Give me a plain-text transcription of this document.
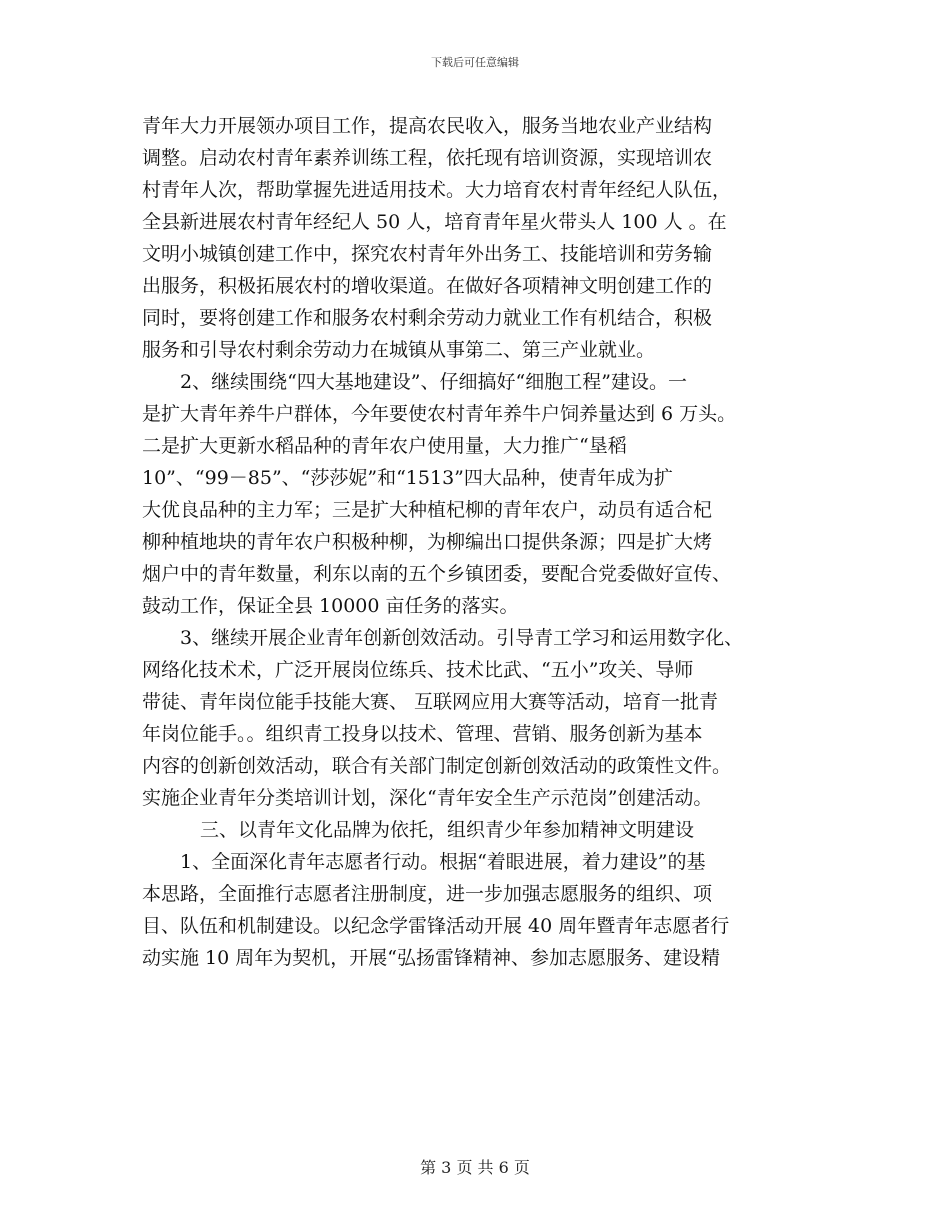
下载后可任意编辑
青年大力开展领办项目工作，提高农民收入，服务当地农业产业结构
调整。启动农村青年素养训练工程，依托现有培训资源，实现培训农
村青年人次，帮助掌握先进适用技术。大力培育农村青年经纪人队伍，
全县新进展农村青年经纪人 50 人，培育青年星火带头人 100 人 。在
文明小城镇创建工作中，探究农村青年外出务工、技能培训和劳务输
出服务，积极拓展农村的增收渠道。在做好各项精神文明创建工作的
同时，要将创建工作和服务农村剩余劳动力就业工作有机结合，积极
服务和引导农村剩余劳动力在城镇从事第二、第三产业就业。
2、继续围绕“四大基地建设”、仔细搞好“细胞工程”建设。一
是扩大青年养牛户群体，今年要使农村青年养牛户饲养量达到 6 万头。
二是扩大更新水稻品种的青年农户使用量，大力推广“垦稻
10”、“99－85”、“莎莎妮”和“1513”四大品种，使青年成为扩
大优良品种的主力军；三是扩大种植杞柳的青年农户，动员有适合杞
柳种植地块的青年农户积极种柳，为柳编出口提供条源；四是扩大烤
烟户中的青年数量，利东以南的五个乡镇团委，要配合党委做好宣传、
鼓动工作，保证全县 10000 亩任务的落实。
3、继续开展企业青年创新创效活动。引导青工学习和运用数字化、
网络化技术术，广泛开展岗位练兵、技术比武、“五小”攻关、导师
带徒、青年岗位能手技能大赛、 互联网应用大赛等活动，培育一批青
年岗位能手。。组织青工投身以技术、管理、营销、服务创新为基本
内容的创新创效活动，联合有关部门制定创新创效活动的政策性文件。
实施企业青年分类培训计划，深化“青年安全生产示范岗”创建活动。
三、以青年文化品牌为依托，组织青少年参加精神文明建设
1、全面深化青年志愿者行动。根据“着眼进展，着力建设”的基
本思路，全面推行志愿者注册制度，进一步加强志愿服务的组织、项
目、队伍和机制建设。以纪念学雷锋活动开展 40 周年暨青年志愿者行
动实施 10 周年为契机，开展“弘扬雷锋精神、参加志愿服务、建设精
第 3 页 共 6 页
